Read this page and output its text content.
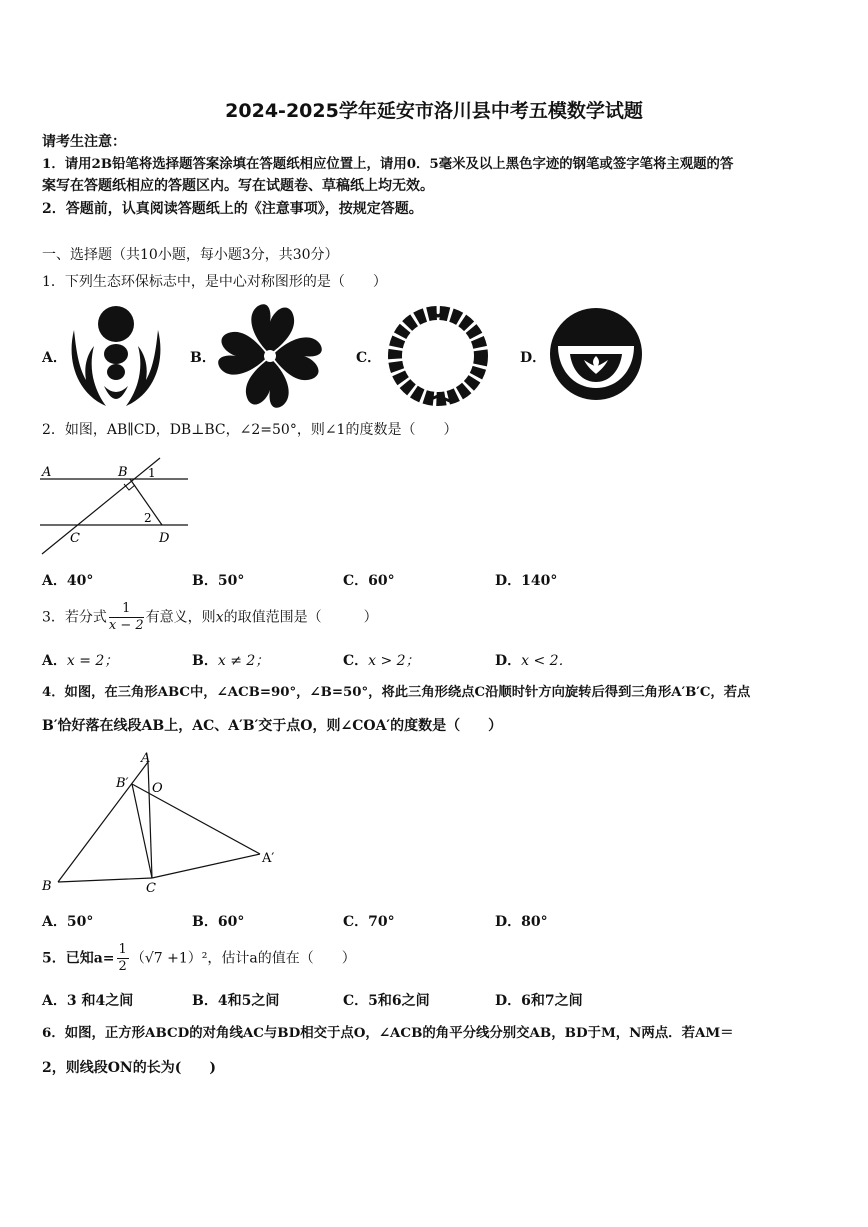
2024-2025学年延安市洛川县中考五模数学试题
请考生注意：
1．请用2B铅笔将选择题答案涂填在答题纸相应位置上，请用0．5毫米及以上黑色字迹的钢笔或签字笔将主观题的答
案写在答题纸相应的答题区内。写在试题卷、草稿纸上均无效。
2．答题前，认真阅读答题纸上的《注意事项》，按规定答题。
一、选择题（共10小题，每小题3分，共30分）
1．下列生态环保标志中，是中心对称图形的是（　　）
A．	B．	C．	D．
2．如图，AB∥CD，DB⊥BC，∠2=50°，则∠1的度数是（　　）
A	B 1
2
C	D
A．40°	B．50°	C．60°	D．140°
3．若分式 $\frac{1}{x - 2}$ 有意义，则x的取值范围是（　　　）
A．x = 2；	B．x ≠ 2；	C．x > 2；	D．x < 2．
4．如图，在三角形ABC中，∠ACB=90°，∠B=50°，将此三角形绕点C沿顺时针方向旋转后得到三角形A′B′C，若点
B′恰好落在线段AB上，AC、A′B′交于点O，则∠COA′的度数是（　　）
A
B′ O
A′
B	C
A．50°	B．60°	C．70°	D．80°
5．已知$a= \frac{1}{2} (√7 +1)^2$，估计a的值在（　　）
A．3 和4之间	B．4和5之间	C．5和6之间	D．6和7之间
6．如图，正方形ABCD的对角线AC与BD相交于点O，∠ACB的角平分线分别交AB，BD于M，N两点．若AM＝
2，则线段ON的长为(　　)
